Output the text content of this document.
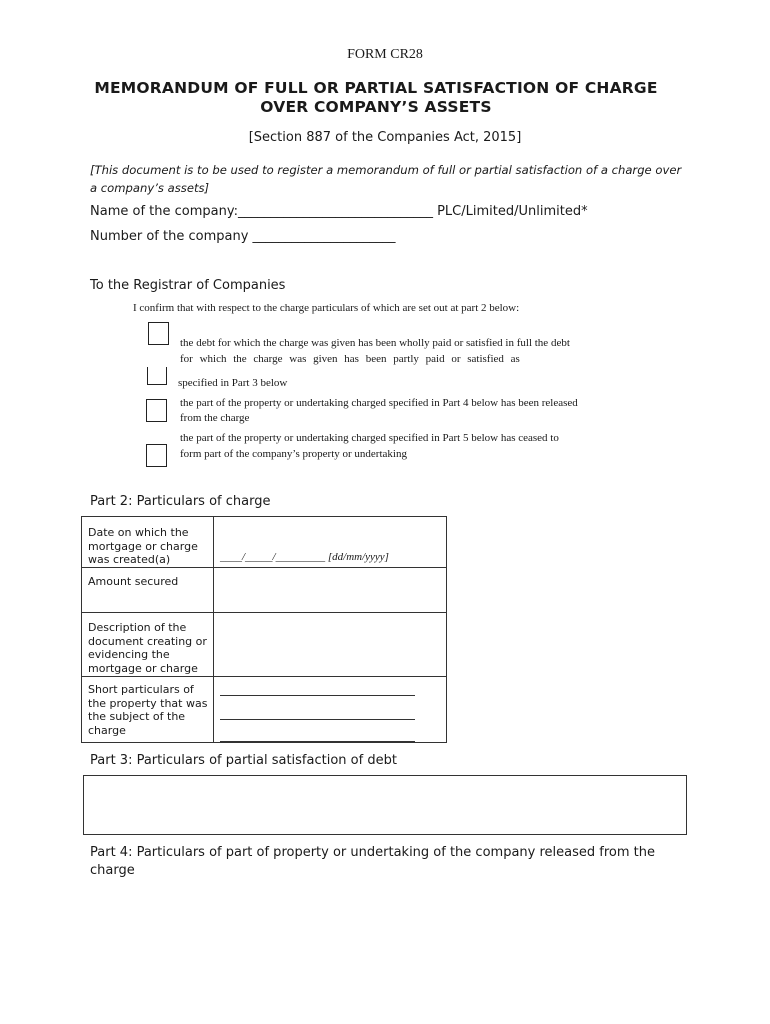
FORM CR28
MEMORANDUM OF FULL OR PARTIAL SATISFACTION OF CHARGE
OVER COMPANY’S ASSETS
[Section 887 of the Companies Act, 2015]
[This document is to be used to register a memorandum of full or partial satisfaction of a charge over
a company’s assets]
Name of the company:______________________________ PLC/Limited/Unlimited*
Number of the company ______________________
To the Registrar of Companies
I confirm that with respect to the charge particulars of which are set out at part 2 below:
the debt for which the charge was given has been wholly paid or satisfied in full the debt
for which the charge was given has been partly paid or satisfied as
specified in Part 3 below
the part of the property or undertaking charged specified in Part 4 below has been released
from the charge
the part of the property or undertaking charged specified in Part 5 below has ceased to
form part of the company’s property or undertaking
Part 2: Particulars of charge
Date on which the mortgage or charge was created(a)	____/_____/_________ [dd/mm/yyyy]
Amount secured
Description of the document creating or evidencing the mortgage or charge
Short particulars of the property that was the subject of the charge
Part 3: Particulars of partial satisfaction of debt
Part 4: Particulars of part of property or undertaking of the company released from the charge
